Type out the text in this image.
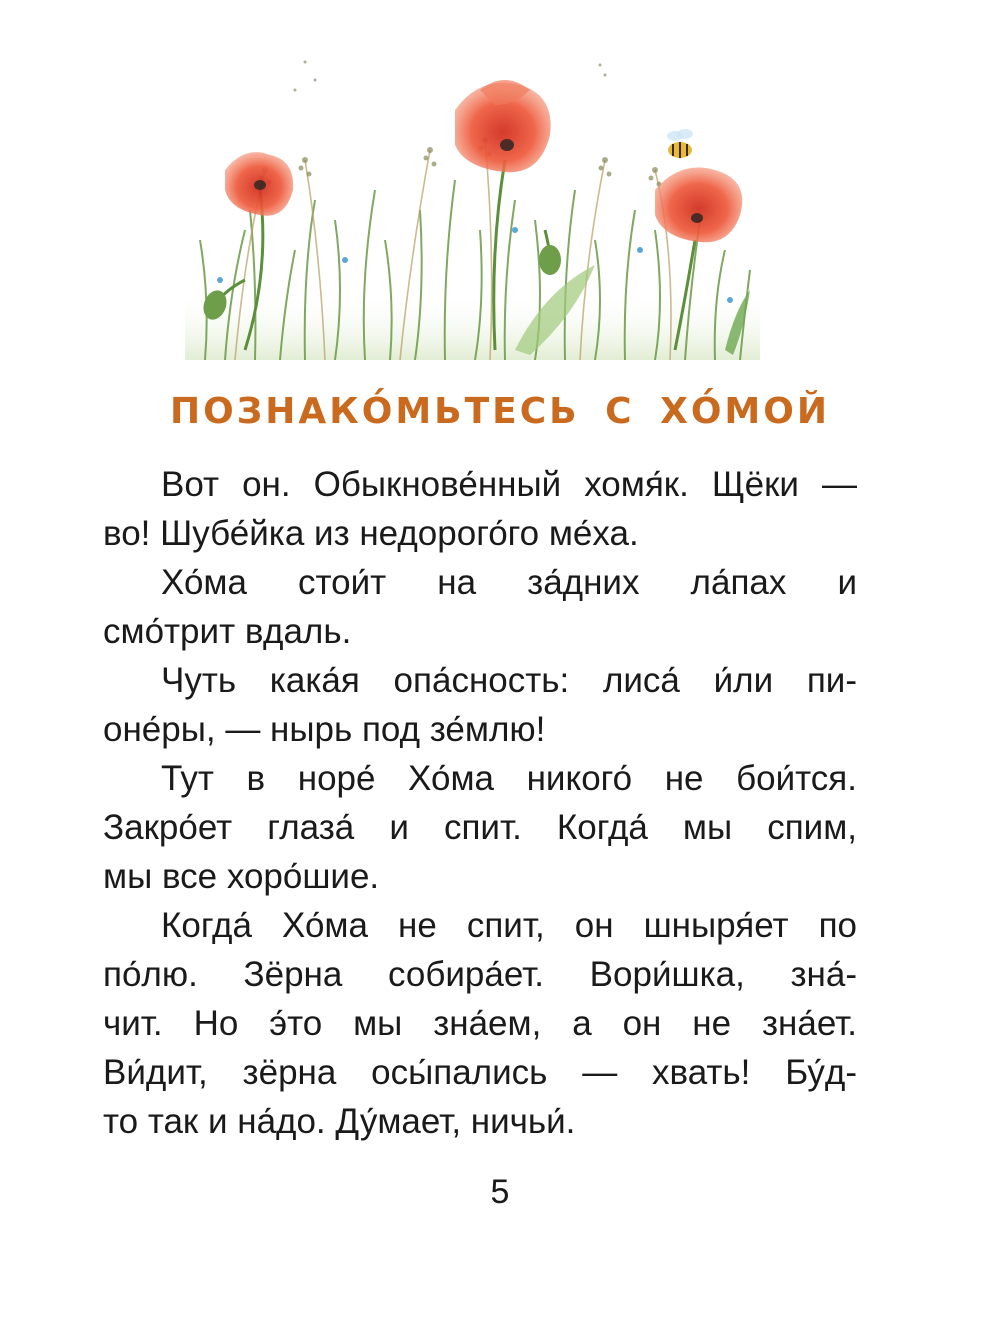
ПОЗНАКО́МЬТЕСЬ С ХО́МОЙ

Вот он. Обыкнове́нный хомя́к. Щёки —
во! Шубе́йка из недорого́го ме́ха.

Хо́ма стои́т на за́дних ла́пах и
смо́трит вдаль.

Чуть кака́я опа́сность: лиса́ и́ли пи-
оне́ры, — нырь под зе́млю!

Тут в норе́ Хо́ма никого́ не бои́тся.
Закро́ет глаза́ и спит. Когда́ мы спим,
мы все хоро́шие.

Когда́ Хо́ма не спит, он шныря́ет по
по́лю. Зёрна собира́ет. Вори́шка, зна́-
чит. Но э́то мы зна́ем, а он не зна́ет.
Ви́дит, зёрна осы́пались — хвать! Бу́д-
то так и на́до. Ду́мает, ничьи́.

5
